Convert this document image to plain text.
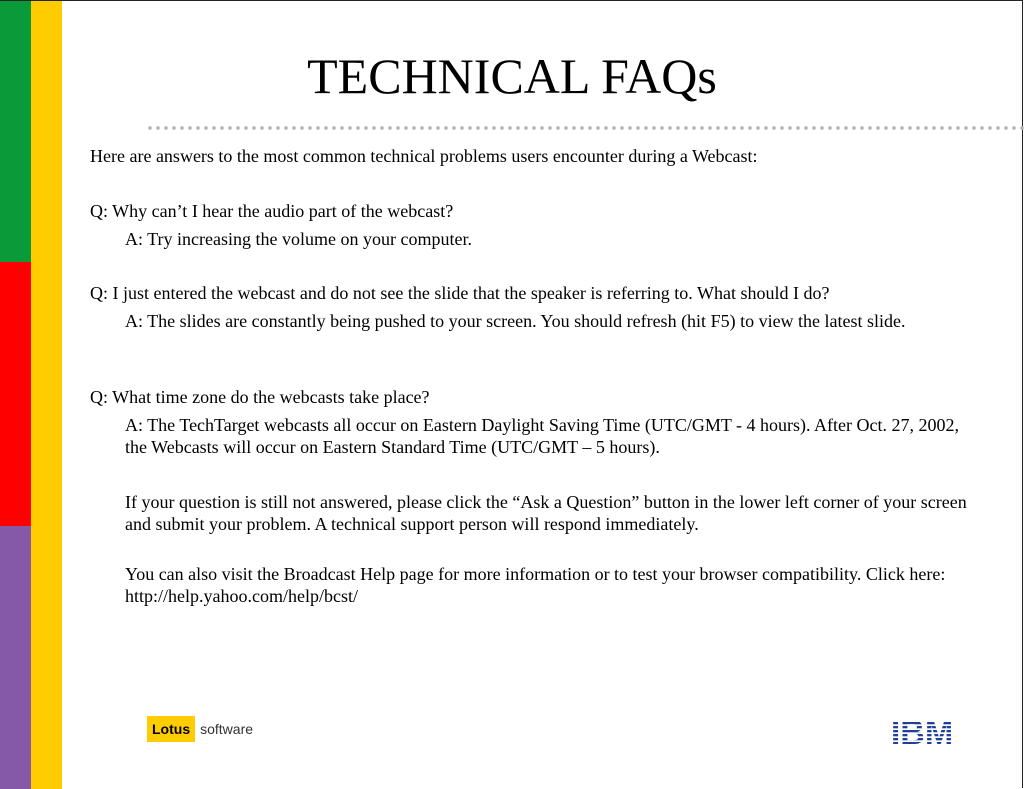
TECHNICAL FAQs

Here are answers to the most common technical problems users encounter during a Webcast:

Q: Why can’t I hear the audio part of the webcast?

A: Try increasing the volume on your computer.

Q: I just entered the webcast and do not see the slide that the speaker is referring to. What should I do?

A: The slides are constantly being pushed to your screen. You should refresh (hit F5) to view the latest slide.

Q: What time zone do the webcasts take place?

A: The TechTarget webcasts all occur on Eastern Daylight Saving Time (UTC/GMT - 4 hours). After Oct. 27, 2002, the Webcasts will occur on Eastern Standard Time (UTC/GMT – 5 hours).

If your question is still not answered, please click the “Ask a Question” button in the lower left corner of your screen and submit your problem. A technical support person will respond immediately.

You can also visit the Broadcast Help page for more information or to test your browser compatibility. Click here: http://help.yahoo.com/help/bcst/

Lotus software	IBM
